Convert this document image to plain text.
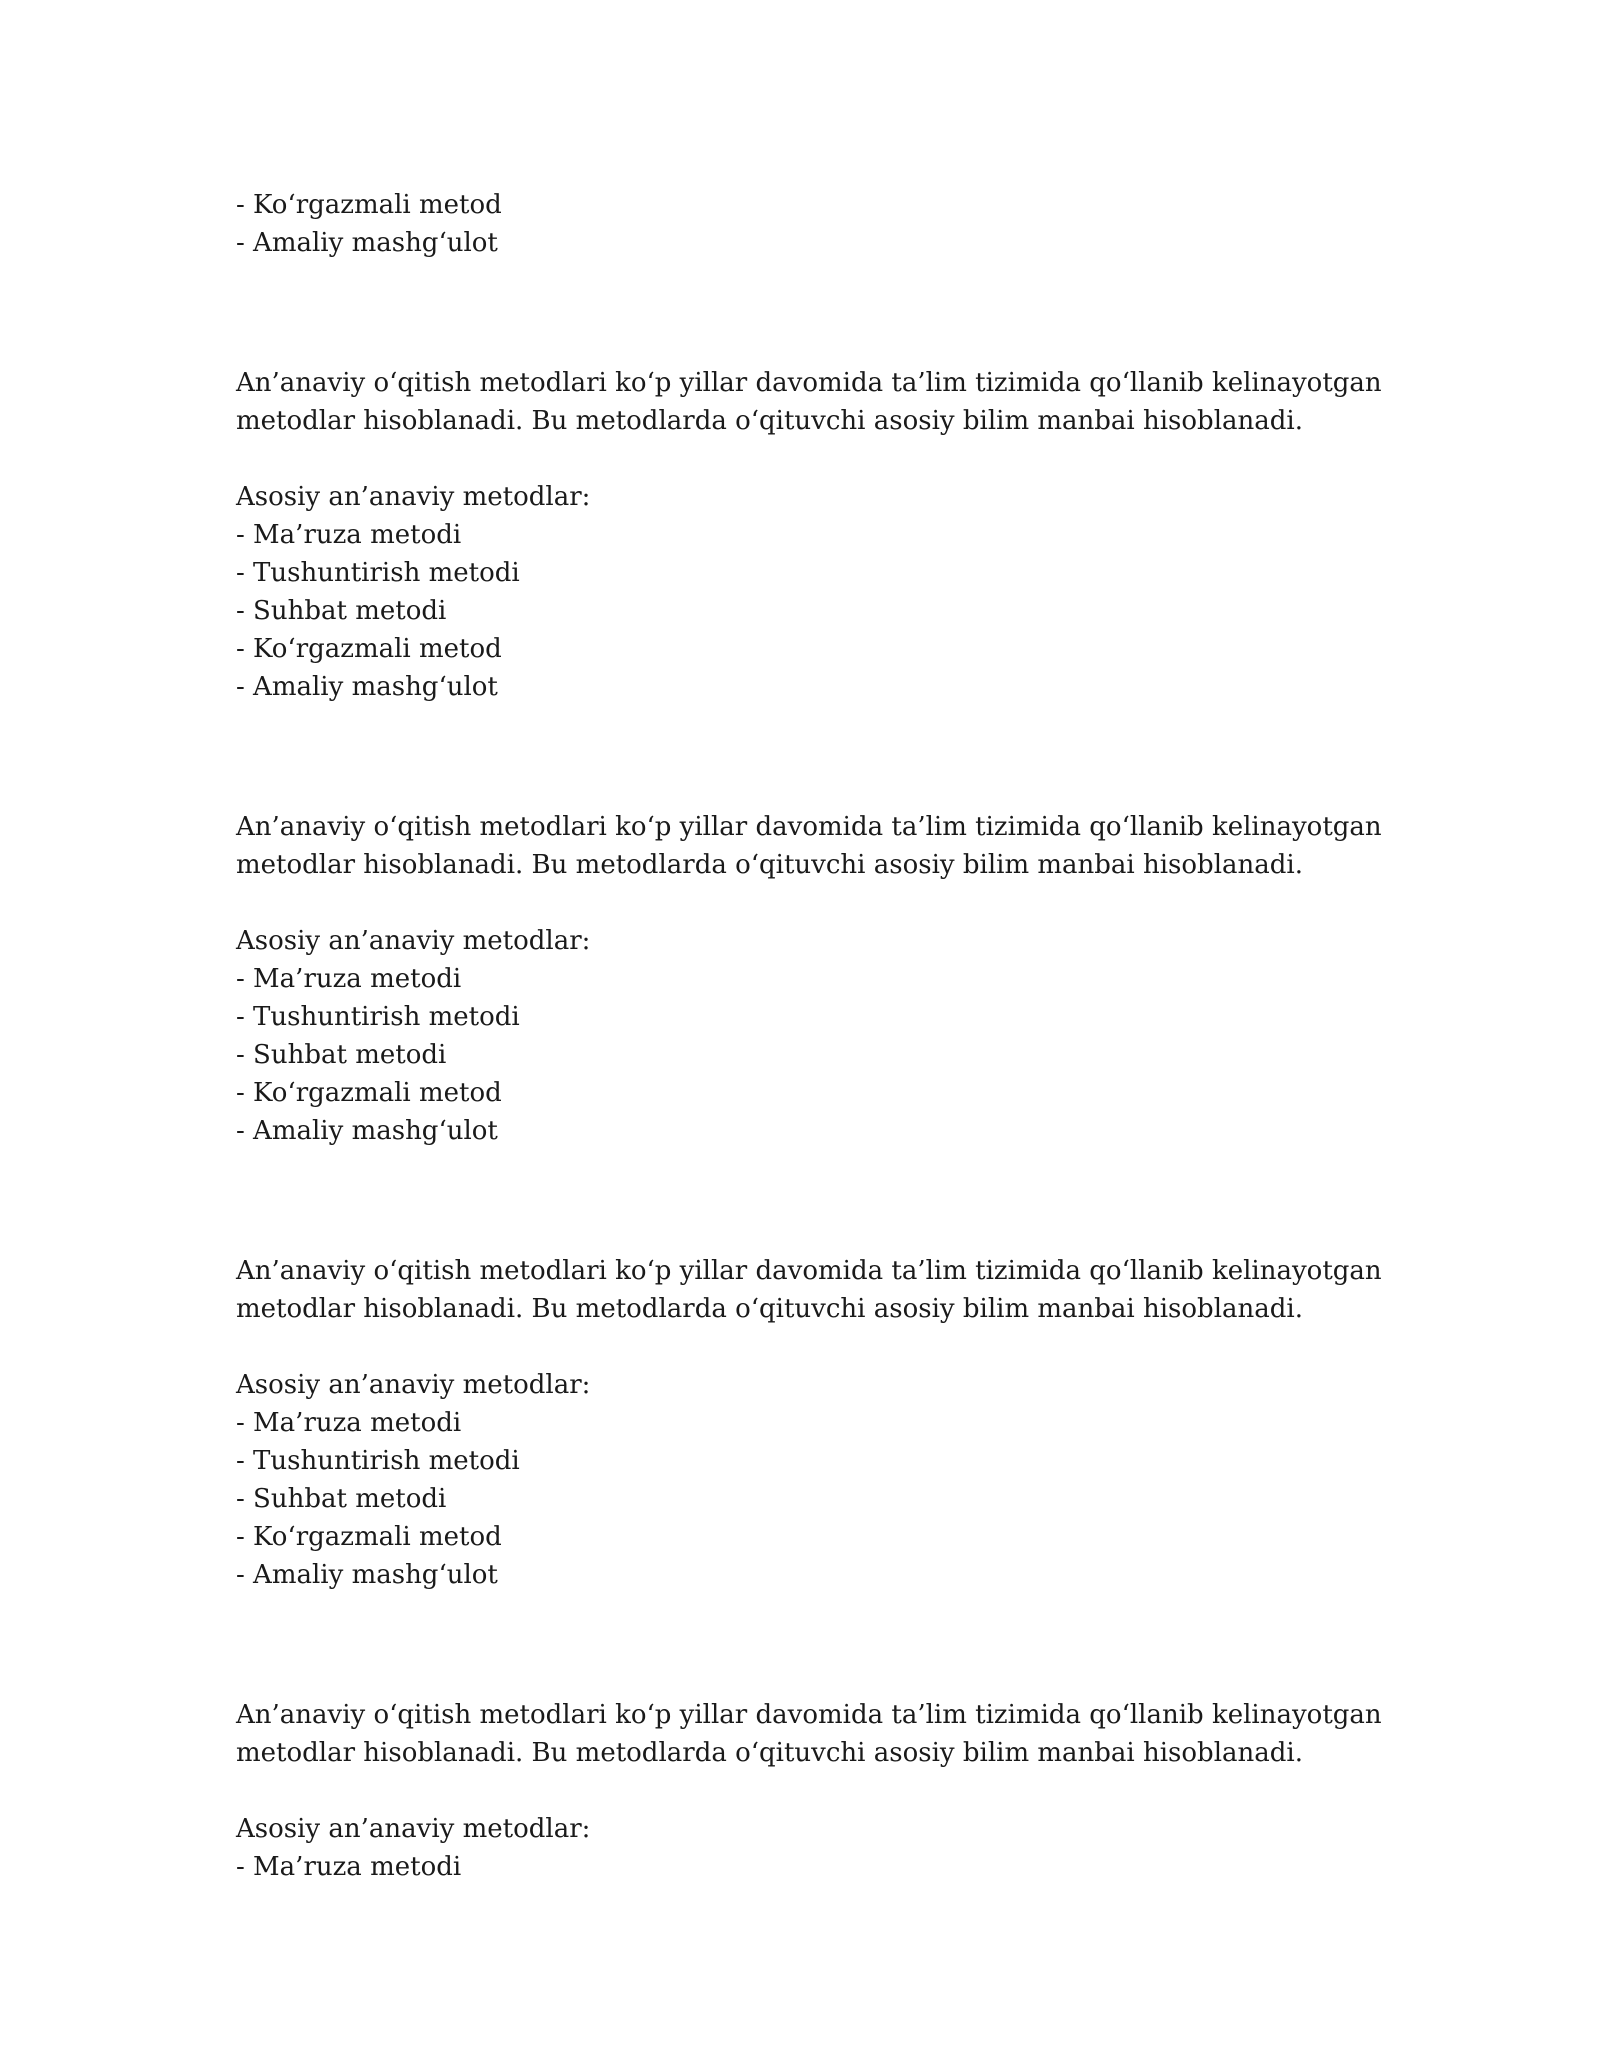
- Ko‘rgazmali metod
- Amaliy mashg‘ulot
An’anaviy o‘qitish metodlari ko‘p yillar davomida ta’lim tizimida qo‘llanib kelinayotgan
metodlar hisoblanadi. Bu metodlarda o‘qituvchi asosiy bilim manbai hisoblanadi.
Asosiy an’anaviy metodlar:
- Ma’ruza metodi
- Tushuntirish metodi
- Suhbat metodi
- Ko‘rgazmali metod
- Amaliy mashg‘ulot
An’anaviy o‘qitish metodlari ko‘p yillar davomida ta’lim tizimida qo‘llanib kelinayotgan
metodlar hisoblanadi. Bu metodlarda o‘qituvchi asosiy bilim manbai hisoblanadi.
Asosiy an’anaviy metodlar:
- Ma’ruza metodi
- Tushuntirish metodi
- Suhbat metodi
- Ko‘rgazmali metod
- Amaliy mashg‘ulot
An’anaviy o‘qitish metodlari ko‘p yillar davomida ta’lim tizimida qo‘llanib kelinayotgan
metodlar hisoblanadi. Bu metodlarda o‘qituvchi asosiy bilim manbai hisoblanadi.
Asosiy an’anaviy metodlar:
- Ma’ruza metodi
- Tushuntirish metodi
- Suhbat metodi
- Ko‘rgazmali metod
- Amaliy mashg‘ulot
An’anaviy o‘qitish metodlari ko‘p yillar davomida ta’lim tizimida qo‘llanib kelinayotgan
metodlar hisoblanadi. Bu metodlarda o‘qituvchi asosiy bilim manbai hisoblanadi.
Asosiy an’anaviy metodlar:
- Ma’ruza metodi
